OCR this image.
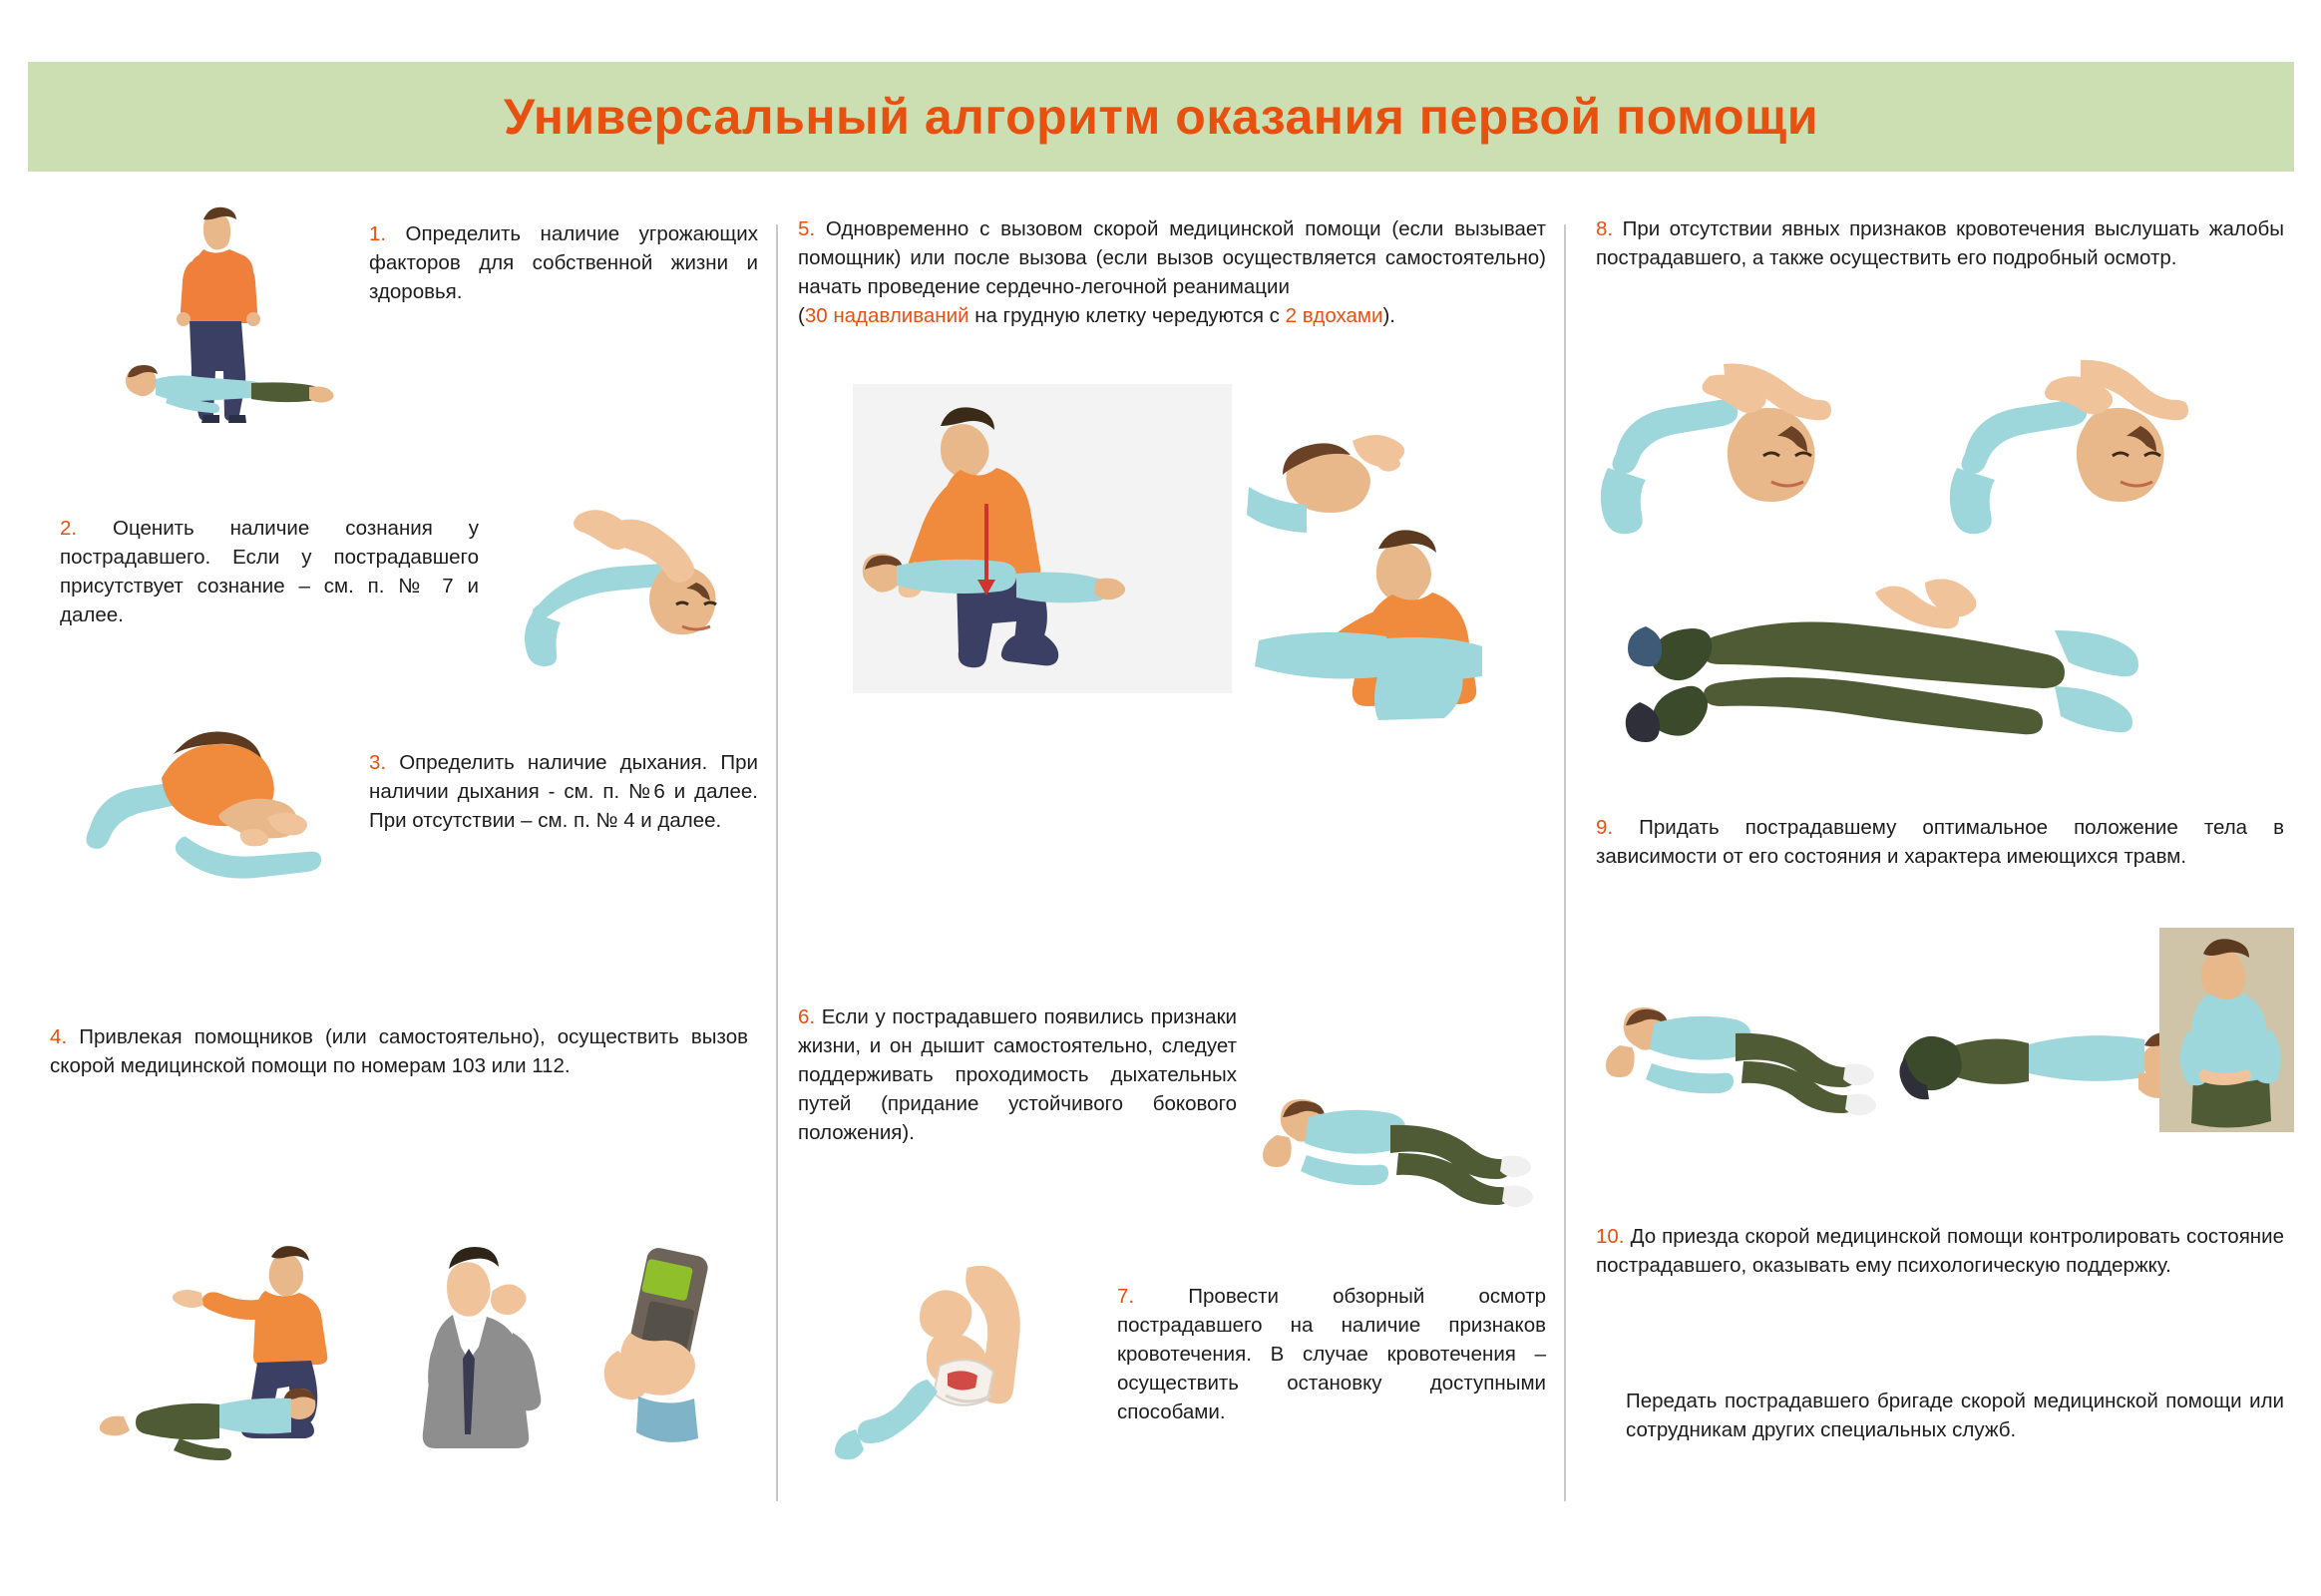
Универсальный алгоритм оказания первой помощи
1. Определить наличие угрожающих факторов для собственной жизни и здоровья.
2. Оценить наличие сознания у пострадавшего. Если у пострадавшего присутствует сознание – см. п. № 7 и далее.
3. Определить наличие дыхания. При наличии дыхания - см. п. №6 и далее. При отсутствии – см. п. № 4 и далее.
4. Привлекая помощников (или самостоятельно), осуществить вызов скорой медицинской помощи по номерам 103 или 112.
5. Одновременно с вызовом скорой медицинской помощи (если вызывает помощник) или после вызова (если вызов осуществляется самостоятельно) начать проведение сердечно-легочной реанимации
(30 надавливаний на грудную клетку чередуются с 2 вдохами).
6. Если у пострадавшего появились признаки жизни, и он дышит самостоятельно, следует поддерживать проходимость дыхательных путей (придание устойчивого бокового положения).
7.	Провести обзорный осмотр пострадавшего на наличие признаков кровотечения. В случае кровотечения – осуществить остановку доступными способами.
8. При отсутствии явных признаков кровотечения выслушать жалобы пострадавшего, а также осуществить его подробный осмотр.
9. Придать пострадавшему оптимальное положение тела в зависимости от его состояния и характера имеющихся травм.
10. До приезда скорой медицинской помощи контролировать состояние пострадавшего, оказывать ему психологическую поддержку.
Передать пострадавшего бригаде скорой медицинской помощи или сотрудникам других специальных служб.
